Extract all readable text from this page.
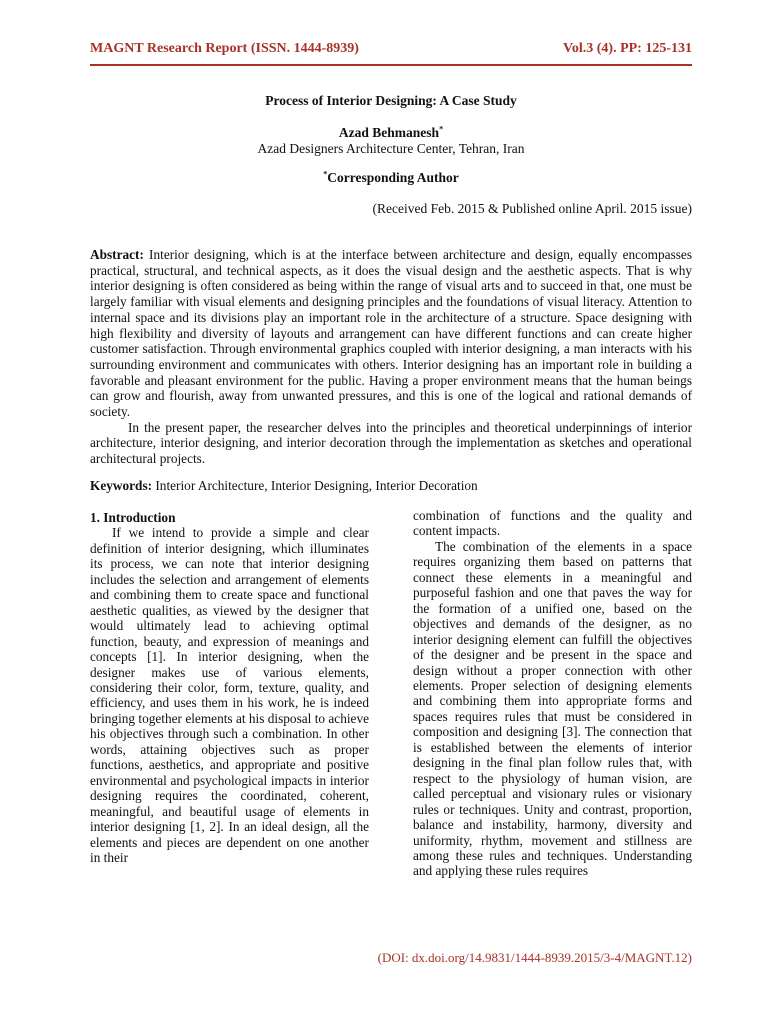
MAGNT Research Report (ISSN. 1444-8939)	Vol.3 (4). PP: 125-131
Process of Interior Designing: A Case Study
Azad Behmanesh*
Azad Designers Architecture Center, Tehran, Iran
*Corresponding Author
(Received Feb. 2015 & Published online April. 2015 issue)

Abstract: Interior designing, which is at the interface between architecture and design, equally encompasses practical, structural, and technical aspects, as it does the visual design and the aesthetic aspects. That is why interior designing is often considered as being within the range of visual arts and to succeed in that, one must be largely familiar with visual elements and designing principles and the foundations of visual literacy. Attention to internal space and its divisions play an important role in the architecture of a structure. Space designing with high flexibility and diversity of layouts and arrangement can have different functions and can create higher customer satisfaction. Through environmental graphics coupled with interior designing, a man interacts with his surrounding environment and communicates with others. Interior designing has an important role in building a favorable and pleasant environment for the public. Having a proper environment means that the human beings can grow and flourish, away from unwanted pressures, and this is one of the logical and rational demands of society.

In the present paper, the researcher delves into the principles and theoretical underpinnings of interior architecture, interior designing, and interior decoration through the implementation as sketches and operational architectural projects.

Keywords: Interior Architecture, Interior Designing, Interior Decoration

1. Introduction

If we intend to provide a simple and clear definition of interior designing, which illuminates its process, we can note that interior designing includes the selection and arrangement of elements and combining them to create space and functional aesthetic qualities, as viewed by the designer that would ultimately lead to achieving optimal function, beauty, and expression of meanings and concepts [1]. In interior designing, when the designer makes use of various elements, considering their color, form, texture, quality, and efficiency, and uses them in his work, he is indeed bringing together elements at his disposal to achieve his objectives through such a combination. In other words, attaining objectives such as proper functions, aesthetics, and appropriate and positive environmental and psychological impacts in interior designing requires the coordinated, coherent, meaningful, and beautiful usage of elements in interior designing [1, 2]. In an ideal design, all the elements and pieces are dependent on one another in their

combination of functions and the quality and content impacts.

The combination of the elements in a space requires organizing them based on patterns that connect these elements in a meaningful and purposeful fashion and one that paves the way for the formation of a unified one, based on the objectives and demands of the designer, as no interior designing element can fulfill the objectives of the designer and be present in the space and design without a proper connection with other elements. Proper selection of designing elements and combining them into appropriate forms and spaces requires rules that must be considered in composition and designing [3]. The connection that is established between the elements of interior designing in the final plan follow rules that, with respect to the physiology of human vision, are called perceptual and visionary rules or visionary rules or techniques. Unity and contrast, proportion, balance and instability, harmony, diversity and uniformity, rhythm, movement and stillness are among these rules and techniques. Understanding and applying these rules requires

(DOI: dx.doi.org/14.9831/1444-8939.2015/3-4/MAGNT.12)
